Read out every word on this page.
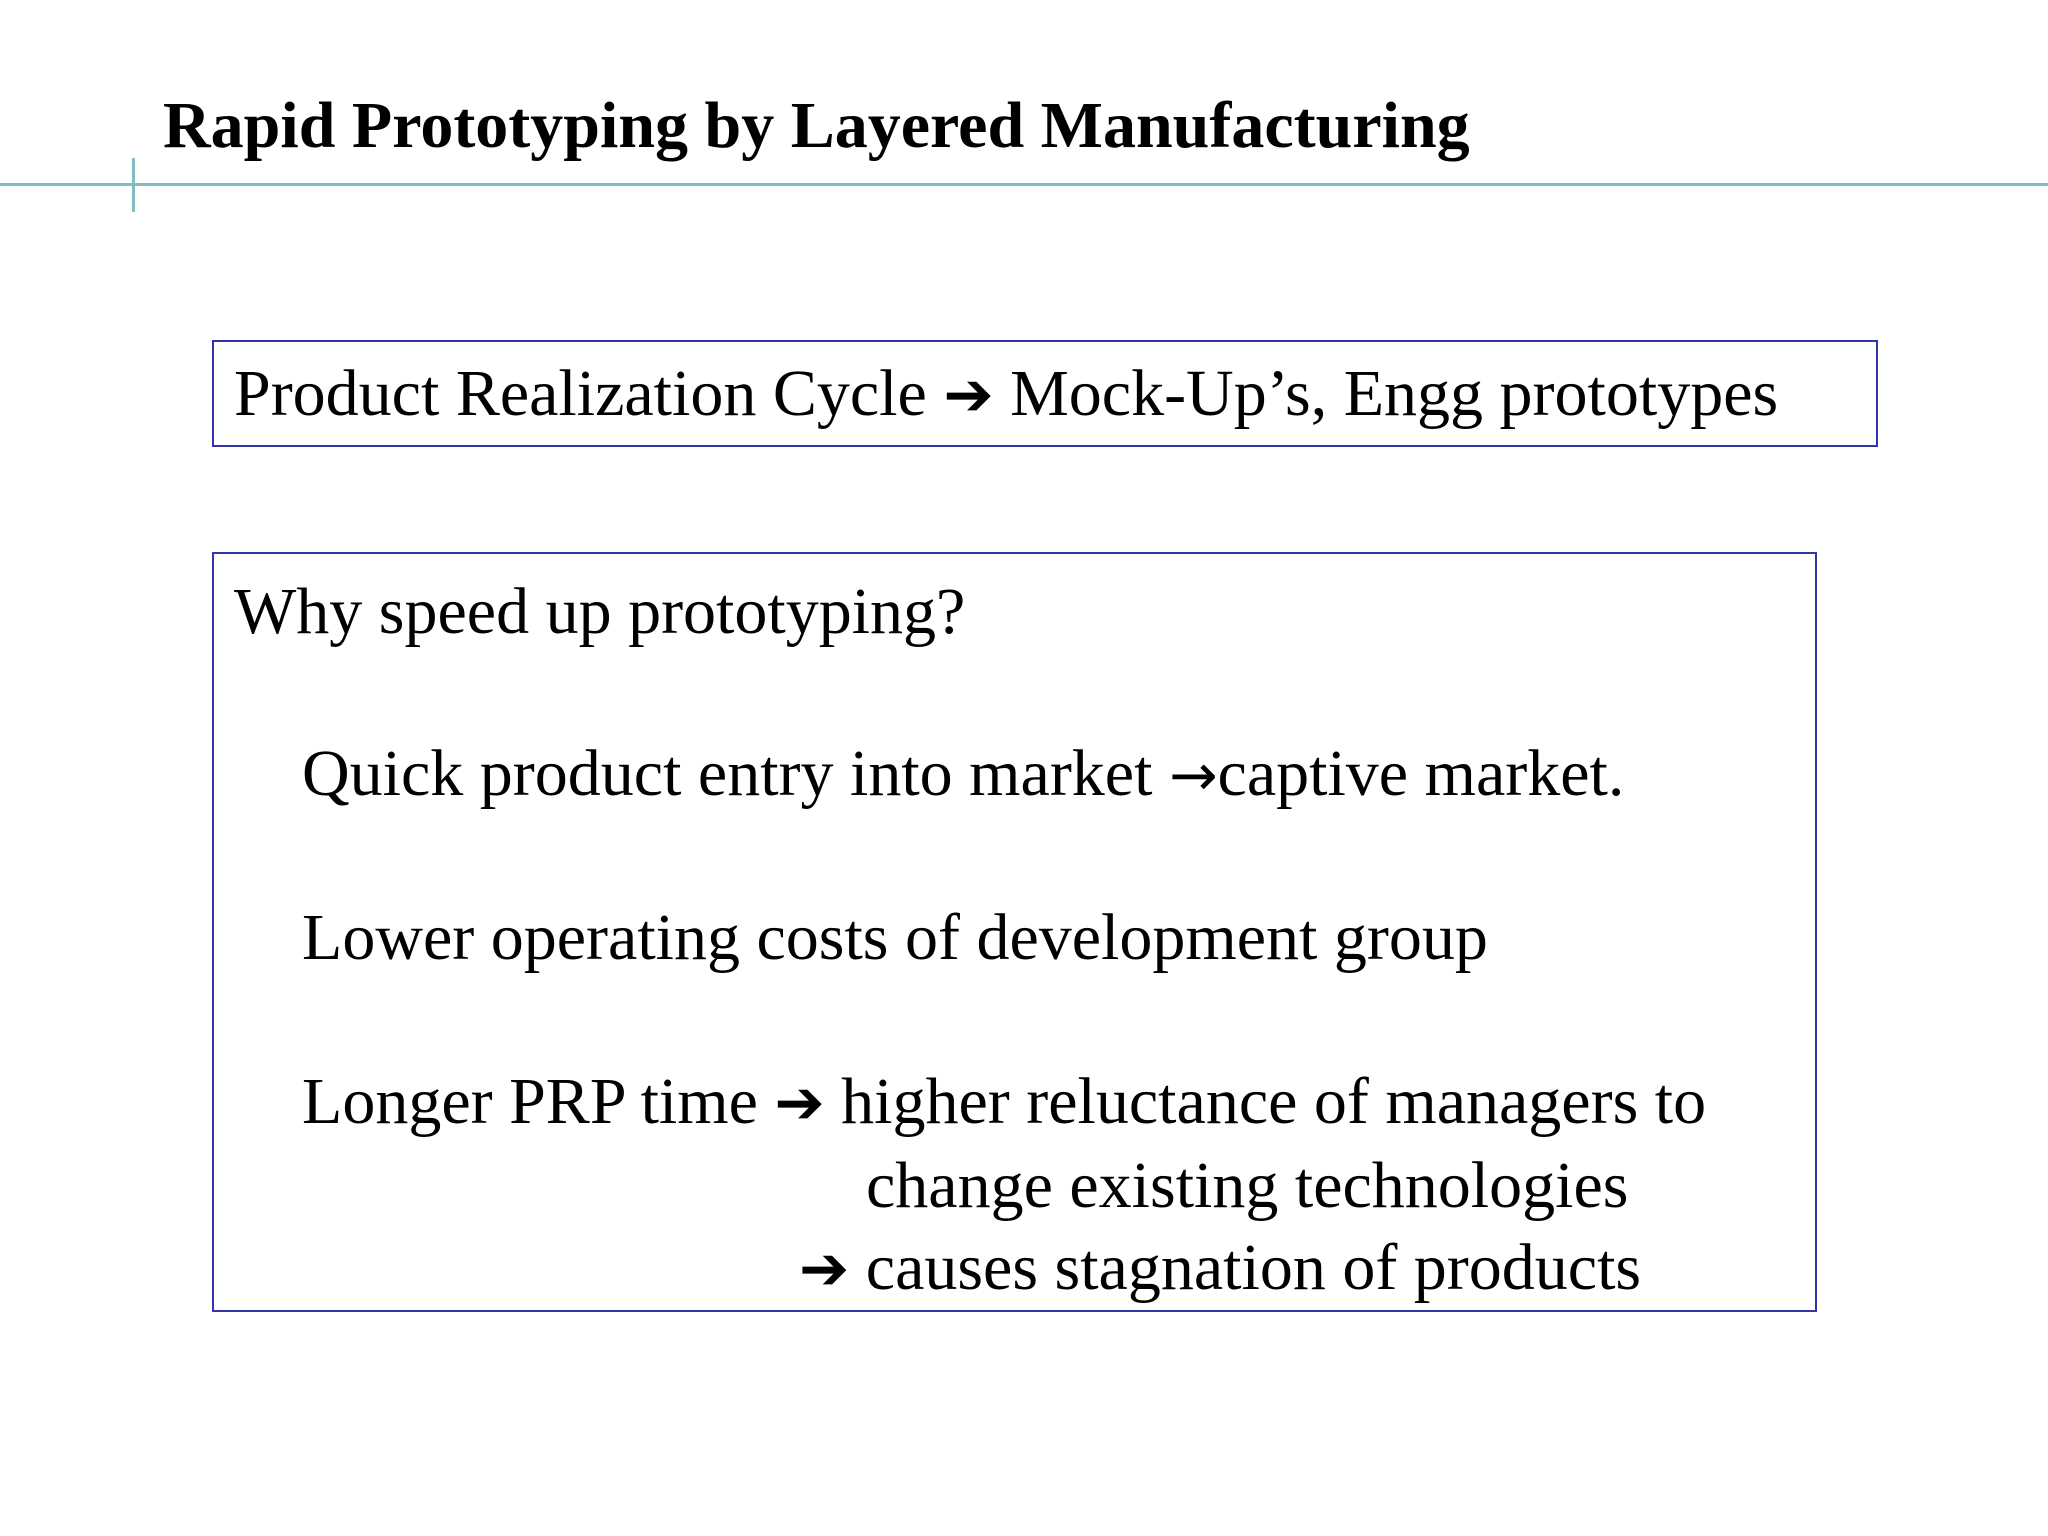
Rapid Prototyping by Layered Manufacturing
Product Realization Cycle ➔ Mock-Up’s, Engg prototypes
Why speed up prototyping?
Quick product entry into market →captive market.
Lower operating costs of development group
Longer PRP time ➔ higher reluctance of managers to
change existing technologies
➔ causes stagnation of products
